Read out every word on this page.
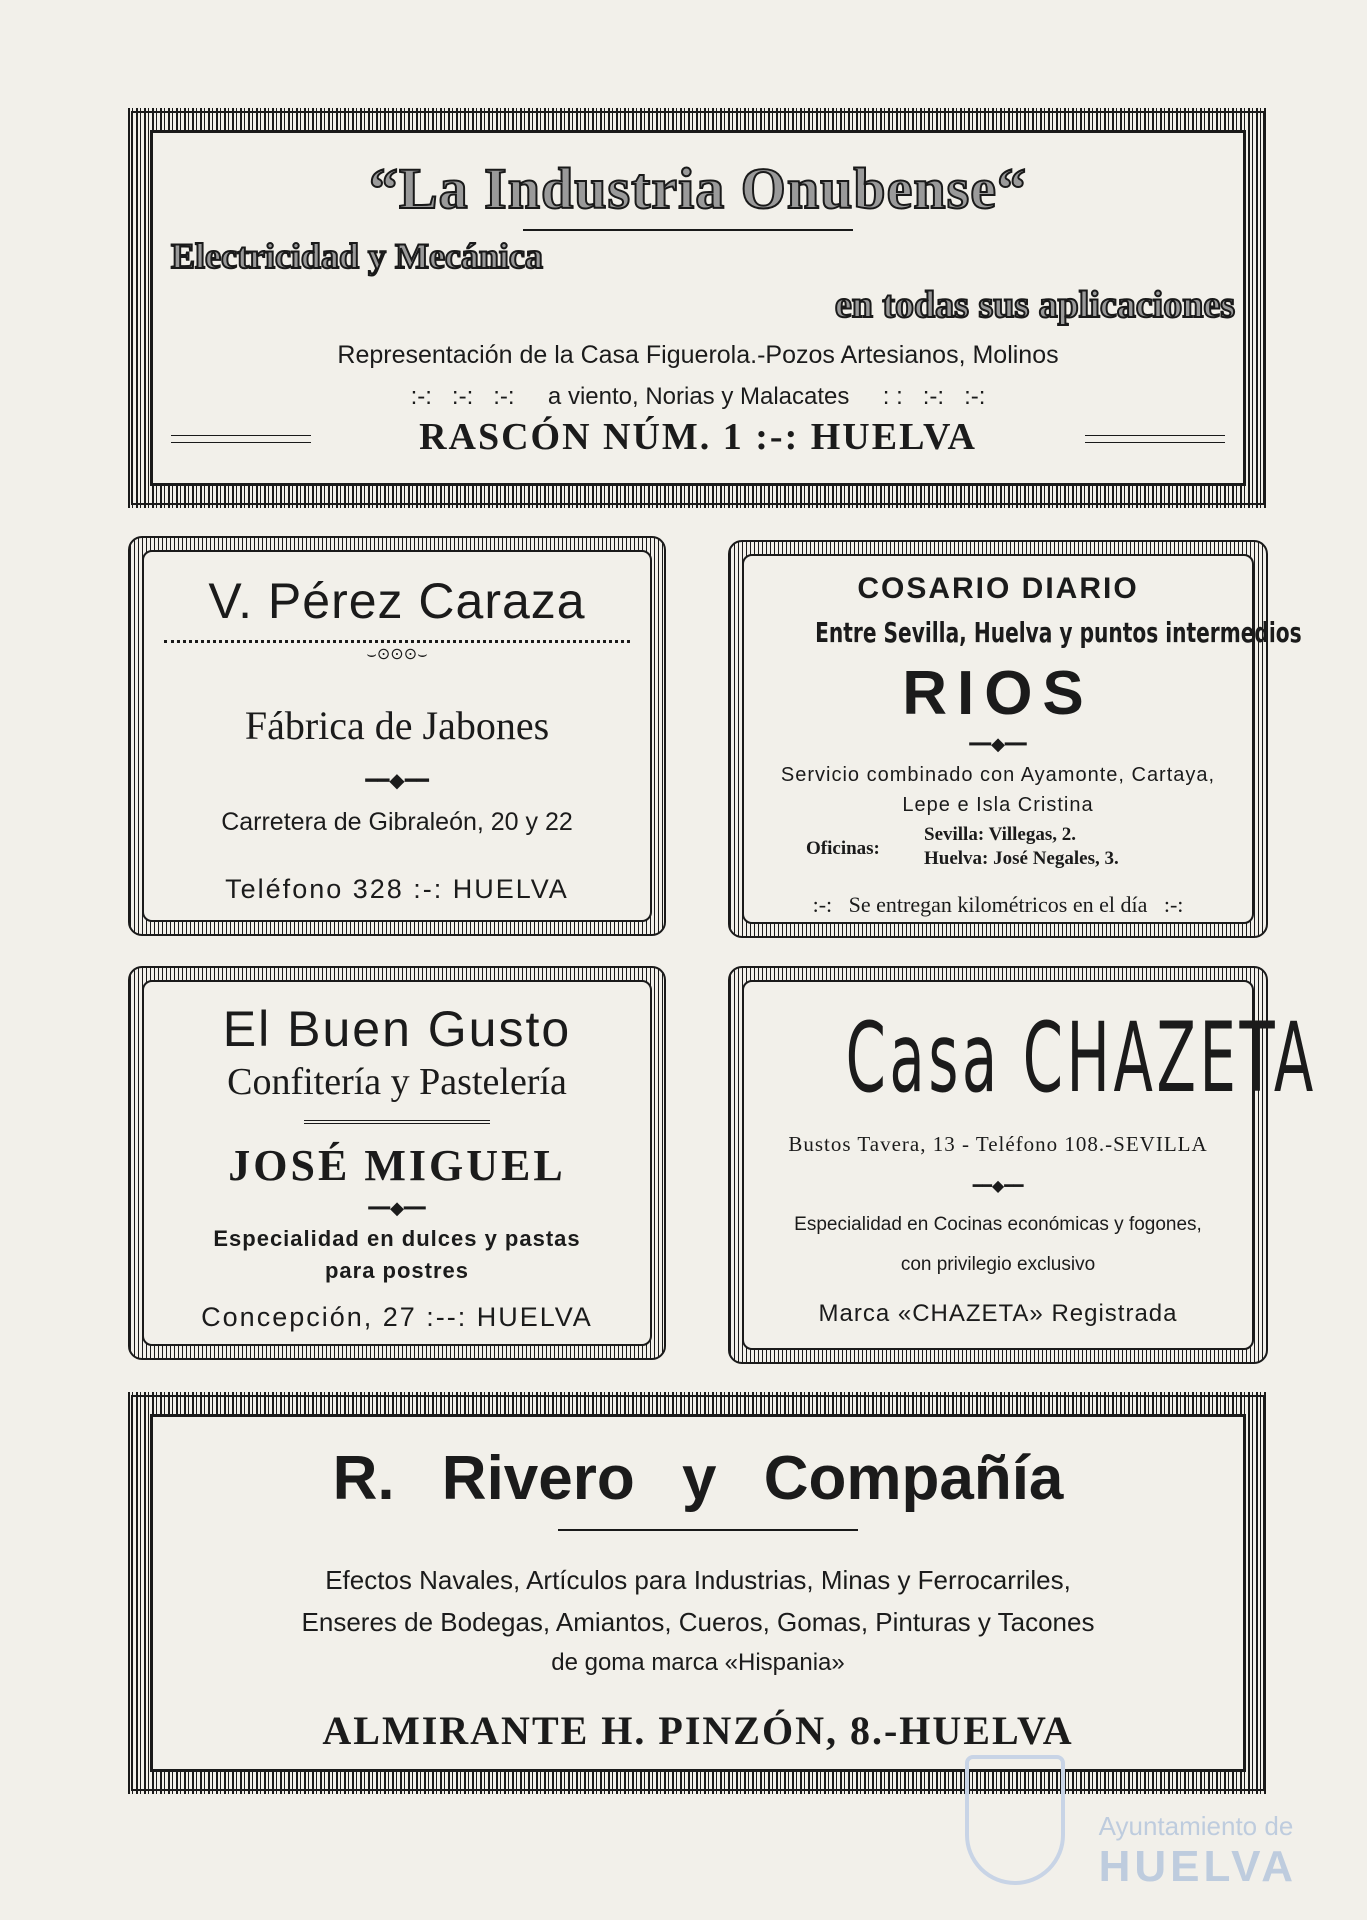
“La Industria Onubense“
Electricidad y Mecánica
en todas sus aplicaciones
Representación de la Casa Figuerola.-Pozos Artesianos, Molinos
:-:   :-:   :-:     a viento, Norias y Malacates     : :   :-:   :-:
RASCÓN NÚM. 1 :-: HUELVA
V. Pérez Caraza
⌣⊙⊙⊙⌣
Fábrica de Jabones
━━◆━━
Carretera de Gibraleón, 20 y 22
Teléfono 328 :-: HUELVA
COSARIO DIARIO
Entre Sevilla, Huelva y puntos intermedios
RIOS
━━◆━━
Servicio combinado con Ayamonte, Cartaya,
Lepe e Isla Cristina
Oficinas:
Sevilla: Villegas, 2.
Huelva: José Negales, 3.
:-:   Se entregan kilométricos en el día   :-:
El Buen Gusto
Confitería y Pastelería
JOSÉ MIGUEL
━━◆━━
Especialidad en dulces y pastas
para postres
Concepción, 27 :--: HUELVA
Casa CHAZETA
Bustos Tavera, 13 - Teléfono 108.-SEVILLA
━━◆━━
Especialidad en Cocinas económicas y fogones,
con privilegio exclusivo
Marca «CHAZETA» Registrada
R. Rivero y Compañía
Efectos Navales, Artículos para Industrias, Minas y Ferrocarriles,
Enseres de Bodegas, Amiantos, Cueros, Gomas, Pinturas y Tacones
de goma marca «Hispania»
ALMIRANTE H. PINZÓN, 8.-HUELVA
Ayuntamiento de
HUELVA
